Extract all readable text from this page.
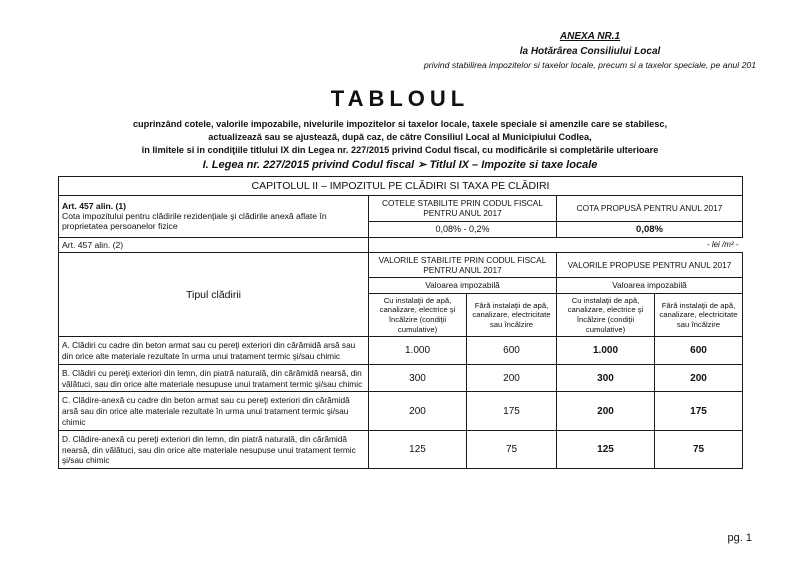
ANEXA NR.1
la Hotărârea Consiliului Local
privind stabilirea impozitelor si taxelor locale, precum si a taxelor speciale, pe anul 201
TABLOUL
cuprinzând cotele, valorile impozabile, nivelurile impozitelor si taxelor locale, taxele speciale si amenzile care se stabilesc,
actualizează sau se ajustează, după caz, de către Consiliul Local al Municipiului Codlea,
în limitele si in condiţiile titlului IX din Legea nr. 227/2015 privind Codul fiscal, cu modificările si completările ulterioare
I. Legea nr. 227/2015 privind Codul fiscal ➢ Titlul IX – Impozite si taxe locale
CAPITOLUL II – IMPOZITUL PE CLĂDIRI SI TAXA PE CLĂDIRI				

Art. 457 alin. (1)
Cota impozitului pentru clădirile rezidenţiale şi clădirile anexă aflate în proprietatea persoanelor fizice

COTELE STABILITE PRIN CODUL FISCAL
PENTRU ANUL 2017
	COTA PROPUSĂ PENTRU ANUL 2017
	0,08% - 0,2%		0,08%	
Art. 457 alin. (2)			- lei /m² -	
Tipul clădirii	VALORILE STABILITE PRIN CODUL FISCAL
PENTRU ANUL 2017		VALORILE PROPUSE PENTRU ANUL 2017	

	Valoarea impozabilă		Valoarea impozabilă	
	Cu instalaţii de apă, canalizare, electrice şi încălzire (condiţii cumulative)	Fără instalaţii de apă, canalizare, electricitate sau încălzire	Cu instalaţii de apă, canalizare, electrice şi încălzire (condiţii cumulative)	Fără instalaţii de apă, canalizare, electricitate sau încălzire
A. Clădiri cu cadre din beton armat sau cu pereţi exteriori din cărămidă arsă sau din orice alte materiale rezultate în urma unui tratament termic şi/sau chimic	1.000	600	1.000	600
B. Clădiri cu pereţi exteriori din lemn, din piatră naturală, din cărămidă nearsă, din vălătuci, sau din orice alte materiale nesupuse unui tratament termic şi/sau chimic	300	200	300	200
C. Clădire-anexă cu cadre din beton armat sau cu pereţi exteriori din cărămidă arsă sau din orice alte materiale rezultate în urma unui tratament termic şi/sau chimic	200	175	200	175
D. Clădire-anexă cu pereţi exteriori din lemn, din piatră naturală, din cărămidă nearsă, din vălătuci, sau din orice alte materiale nesupuse unui tratament termic şi/sau chimic	125	75	125	75
pg. 1
